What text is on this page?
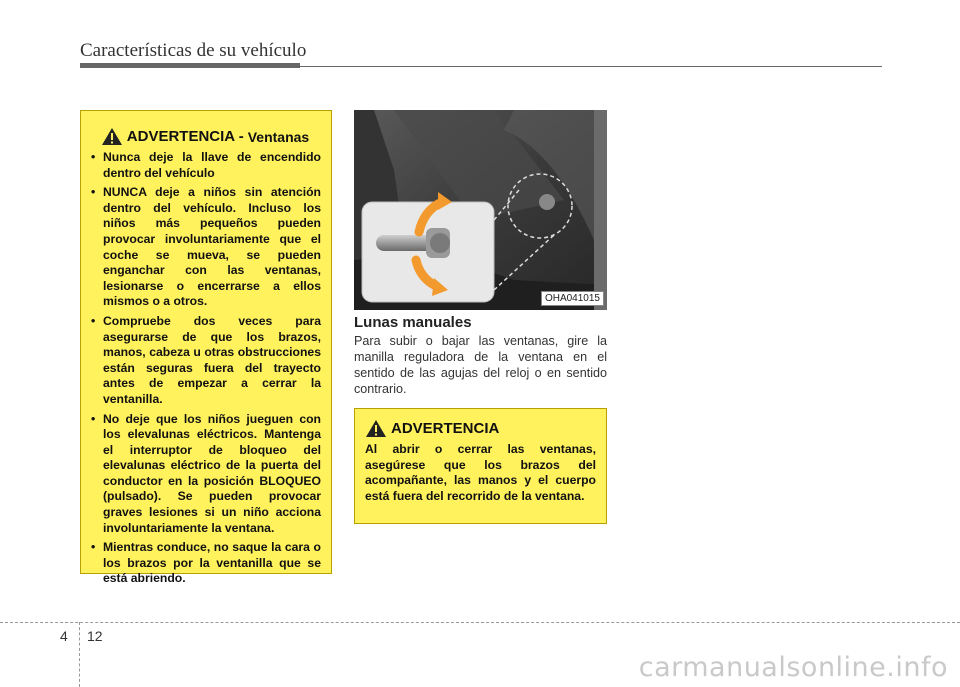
Características de su vehículo
ADVERTENCIA - Ventanas
• Nunca deje la llave de encendido dentro del vehículo
• NUNCA deje a niños sin atención dentro del vehículo. Incluso los niños más pequeños pueden provocar involuntariamente que el coche se mueva, se pueden enganchar con las ventanas, lesionarse o encerrarse a ellos mismos o a otros.
• Compruebe dos veces para asegurarse de que los brazos, manos, cabeza u otras obstrucciones están seguras fuera del trayecto antes de empezar a cerrar la ventanilla.
• No deje que los niños jueguen con los elevalunas eléctricos. Mantenga el interruptor de bloqueo del elevalunas eléctrico de la puerta del conductor en la posición BLOQUEO (pulsado). Se pueden provocar graves lesiones si un niño acciona involuntariamente la ventana.
• Mientras conduce, no saque la cara o los brazos por la ventanilla que se está abriendo.
OHA041015
Lunas manuales
Para subir o bajar las ventanas, gire la manilla reguladora de la ventana en el sentido de las agujas del reloj o en sentido contrario.
ADVERTENCIA
Al abrir o cerrar las ventanas, asegúrese que los brazos del acompañante, las manos y el cuerpo está fuera del recorrido de la ventana.
4 12
carmanualsonline.info
